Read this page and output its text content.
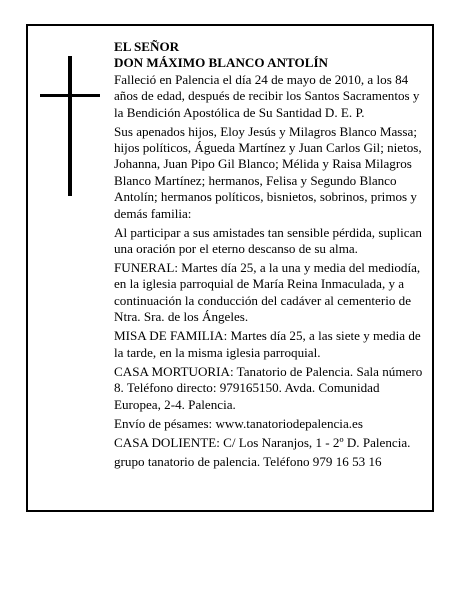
EL SEÑOR
DON MÁXIMO BLANCO ANTOLÍN

Falleció en Palencia el día 24 de mayo de 2010, a los 84 años de edad, después de recibir los Santos Sacramentos y la Bendición Apostólica de Su Santidad D. E. P.

Sus apenados hijos, Eloy Jesús y Milagros Blanco Massa; hijos políticos, Águeda Martínez y Juan Carlos Gil; nietos, Johanna, Juan Pipo Gil Blanco; Mélida y Raisa Milagros Blanco Martínez; hermanos, Felisa y Segundo Blanco Antolín; hermanos políticos, bisnietos, sobrinos, primos y demás familia:

Al participar a sus amistades tan sensible pérdida, suplican una oración por el eterno descanso de su alma.

FUNERAL: Martes día 25, a la una y media del mediodía, en la iglesia parroquial de María Reina Inmaculada, y a continuación la conducción del cadáver al cementerio de Ntra. Sra. de los Ángeles.

MISA DE FAMILIA: Martes día 25, a las siete y media de la tarde, en la misma iglesia parroquial.

CASA MORTUORIA: Tanatorio de Palencia. Sala número 8. Teléfono directo: 979165150. Avda. Comunidad Europea, 2-4. Palencia.

Envío de pésames: www.tanatoriodepalencia.es

CASA DOLIENTE: C/ Los Naranjos, 1 - 2º D. Palencia.

grupo tanatorio de palencia. Teléfono 979 16 53 16
